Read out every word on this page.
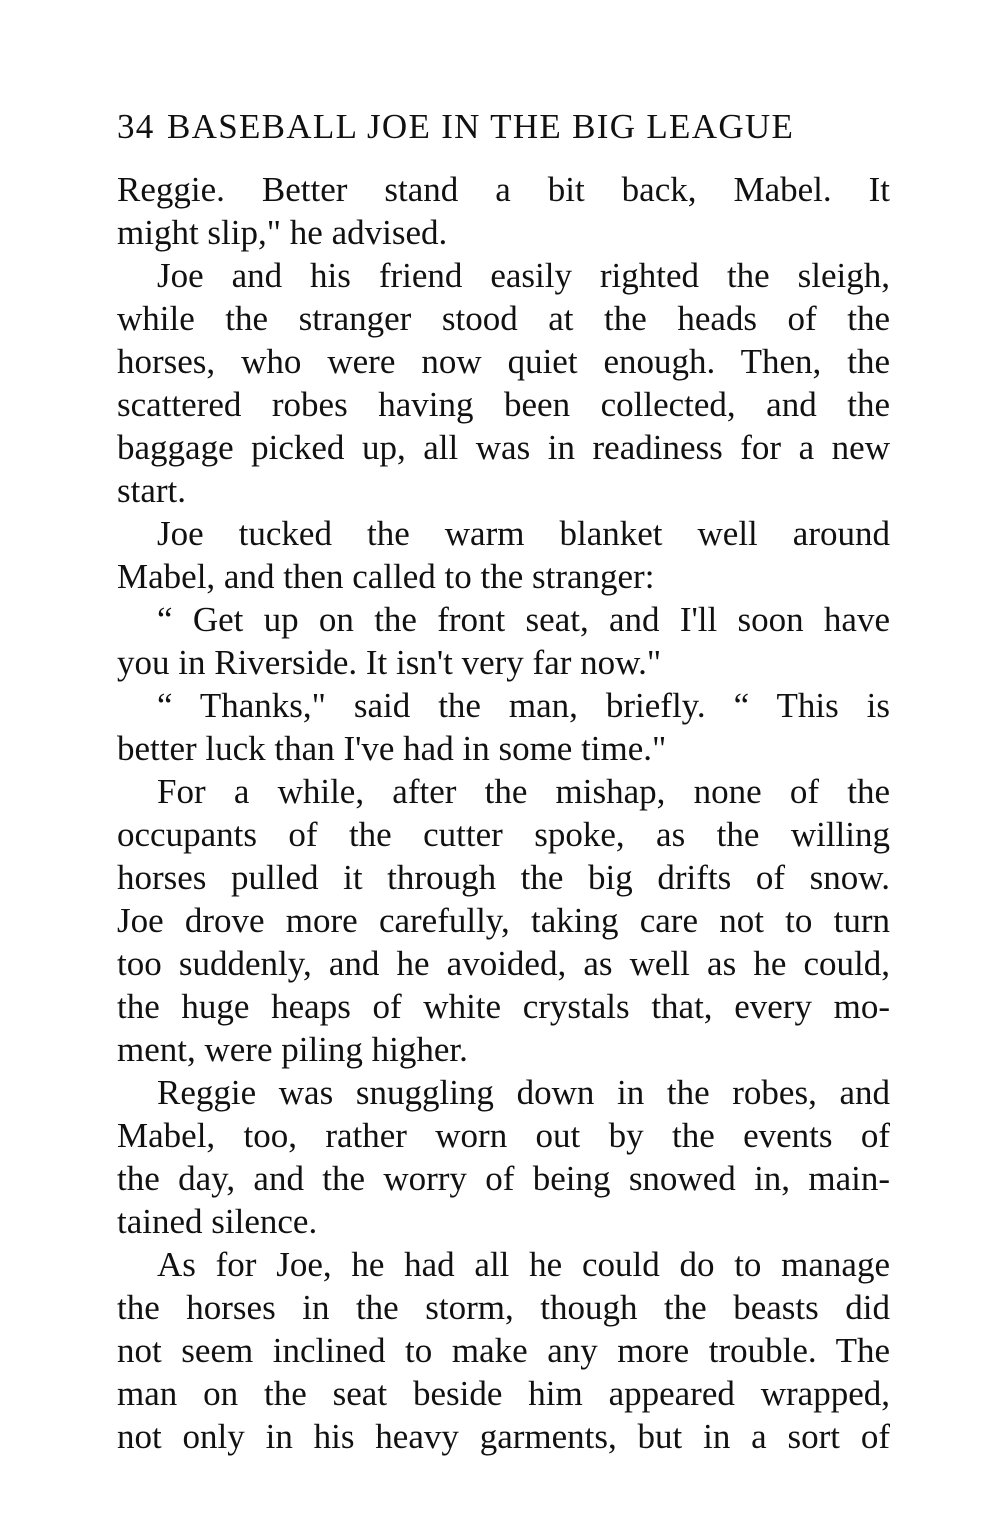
34 BASEBALL JOE IN THE BIG LEAGUE
Reggie. Better stand a bit back, Mabel. It
might slip," he advised.
Joe and his friend easily righted the sleigh,
while the stranger stood at the heads of the
horses, who were now quiet enough. Then, the
scattered robes having been collected, and the
baggage picked up, all was in readiness for a new
start.
Joe tucked the warm blanket well around
Mabel, and then called to the stranger:
“ Get up on the front seat, and I'll soon have
you in Riverside. It isn't very far now."
“ Thanks," said the man, briefly. “ This is
better luck than I've had in some time."
For a while, after the mishap, none of the
occupants of the cutter spoke, as the willing
horses pulled it through the big drifts of snow.
Joe drove more carefully, taking care not to turn
too suddenly, and he avoided, as well as he could,
the huge heaps of white crystals that, every mo-
ment, were piling higher.
Reggie was snuggling down in the robes, and
Mabel, too, rather worn out by the events of
the day, and the worry of being snowed in, main-
tained silence.
As for Joe, he had all he could do to manage
the horses in the storm, though the beasts did
not seem inclined to make any more trouble. The
man on the seat beside him appeared wrapped,
not only in his heavy garments, but in a sort of
